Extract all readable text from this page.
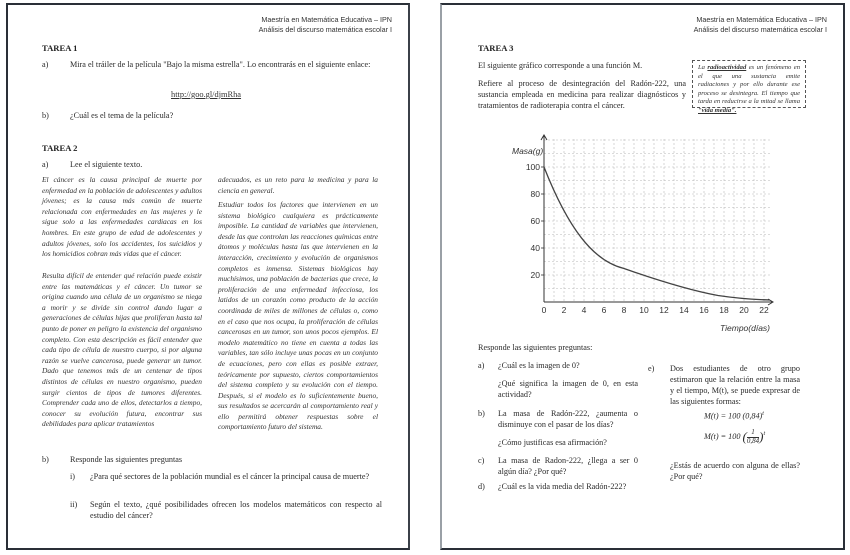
Maestría en Matemática Educativa – IPN
Análisis del discurso matemática escolar I
TAREA 1
a)	Mira el tráiler de la película "Bajo la misma estrella". Lo encontrarás en el siguiente enlace:
http://goo.gl/djmRha
b)	¿Cuál es el tema de la película?
TAREA 2
a)	Lee el siguiente texto.
El cáncer es la causa principal de muerte por enfermedad en la población de adolescentes y adultos jóvenes; es la causa más común de muerte relacionada con enfermedades en las mujeres y le sigue solo a las enfermedades cardiacas en los hombres. En este grupo de edad de adolescentes y adultos jóvenes, solo los accidentes, los suicidios y los homicidios cobran más vidas que el cáncer.
Resulta difícil de entender qué relación puede existir entre las matemáticas y el cáncer. Un tumor se origina cuando una célula de un organismo se niega a morir y se divide sin control dando lugar a generaciones de células hijas que proliferan hasta tal punto de poner en peligro la existencia del organismo completo. Con esta descripción es fácil entender que cada tipo de célula de nuestro cuerpo, si por alguna razón se vuelve cancerosa, puede generar un tumor. Dado que tenemos más de un centenar de tipos distintos de células en nuestro organismo, pueden surgir cientos de tipos de tumores diferentes. Comprender cada uno de ellos, detectarlos a tiempo, conocer su evolución futura, encontrar sus debilidades para aplicar tratamientos
adecuados, es un reto para la medicina y para la ciencia en general.
Estudiar todos los factores que intervienen en un sistema biológico cualquiera es prácticamente imposible. La cantidad de variables que intervienen, desde las que controlan las reacciones químicas entre átomos y moléculas hasta las que intervienen en la interacción, crecimiento y evolución de organismos completos es inmensa. Sistemas biológicos hay muchísimos, una población de bacterias que crece, la proliferación de una enfermedad infecciosa, los latidos de un corazón como producto de la acción coordinada de miles de millones de células o, como en el caso que nos ocupa, la proliferación de células cancerosas en un tumor, son unos pocos ejemplos. El modelo matemático no tiene en cuenta a todas las variables, tan sólo incluye unas pocas en un conjunto de ecuaciones, pero con ellas es posible extraer, teóricamente por supuesto, ciertos comportamientos del sistema completo y su evolución con el tiempo. Después, si el modelo es lo suficientemente bueno, sus resultados se acercarán al comportamiento real y ello permitirá obtener respuestas sobre el comportamiento futuro del sistema.
b)	Responde las siguientes preguntas
i) ¿Para qué sectores de la población mundial es el cáncer la principal causa de muerte?
ii) Según el texto, ¿qué posibilidades ofrecen los modelos matemáticos con respecto al estudio del cáncer?
Maestría en Matemática Educativa – IPN
Análisis del discurso matemática escolar I
TAREA 3
El siguiente gráfico corresponde a una función M.
Refiere al proceso de desintegración del Radón-222, una sustancia empleada en medicina para realizar diagnósticos y tratamientos de radioterapia contra el cáncer.
La radioactividad es un fenómeno en el que una sustancia emite radiaciones y por ello durante ese proceso se desintegra. El tiempo que tarda en reducirse a la mitad se llama "vida media".
20
40
60
80
100
0 2 4 6 8 10 12 14 16 18 20 22
Masa(g)
Tiempo(días)
Responde las siguientes preguntas:
a) ¿Cuál es la imagen de 0?
¿Qué significa la imagen de 0, en esta actividad?
b) La masa de Radón-222, ¿aumenta o disminuye con el pasar de los días?
¿Cómo justificas esa afirmación?
c) La masa de Radon-222, ¿llega a ser 0 algún día? ¿Por qué?
d) ¿Cuál es la vida media del Radón-222?
e) Dos estudiantes de otro grupo estimaron que la relación entre la masa y el tiempo, M(t), se puede expresar de las siguientes formas:
M(t) = 100 $(0,84)^t$
M(t) = 100 ( $\frac{1}{0,84} )^t$
¿Estás de acuerdo con alguna de ellas? ¿Por qué?
